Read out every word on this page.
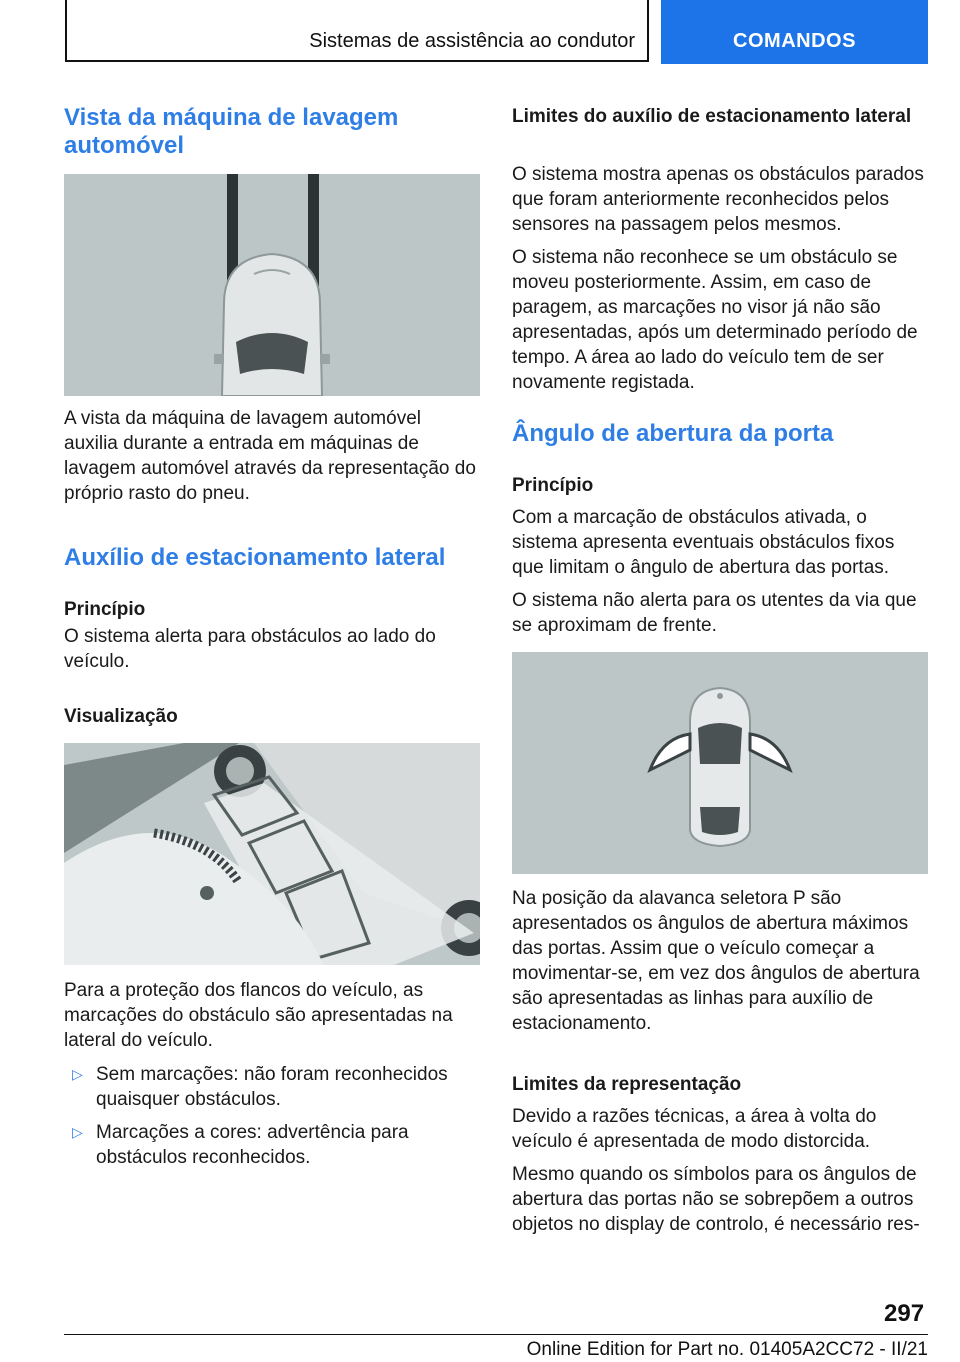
Sistemas de assistência ao condutor	COMANDOS
Vista da máquina de lavagem automóvel

A vista da máquina de lavagem automóvel auxilia durante a entrada em máquinas de lavagem automóvel através da representação do próprio rasto do pneu.

Auxílio de estacionamento lateral
Princípio

O sistema alerta para obstáculos ao lado do veículo.

Visualização

Para a proteção dos flancos do veículo, as marcações do obstáculo são apresentadas na lateral do veículo.

▷ Sem marcações: não foram reconhecidos quaisquer obstáculos.
▷ Marcações a cores: advertência para obstáculos reconhecidos.
Limites do auxílio de estacionamento lateral

O sistema mostra apenas os obstáculos parados que foram anteriormente reconhecidos pelos sensores na passagem pelos mesmos.

O sistema não reconhece se um obstáculo se moveu posteriormente. Assim, em caso de paragem, as marcações no visor já não são apresentadas, após um determinado período de tempo. A área ao lado do veículo tem de ser novamente registada.

Ângulo de abertura da porta
Princípio

Com a marcação de obstáculos ativada, o sistema apresenta eventuais obstáculos fixos que limitam o ângulo de abertura das portas.

O sistema não alerta para os utentes da via que se aproximam de frente.

Na posição da alavanca seletora P são apresentados os ângulos de abertura máximos das portas. Assim que o veículo começar a movimentar-se, em vez dos ângulos de abertura são apresentadas as linhas para auxílio de estacionamento.

Limites da representação

Devido a razões técnicas, a área à volta do veículo é apresentada de modo distorcida.

Mesmo quando os símbolos para os ângulos de abertura das portas não se sobrepõem a outros objetos no display de controlo, é necessário res-

297
Online Edition for Part no. 01405A2CC72 - II/21
